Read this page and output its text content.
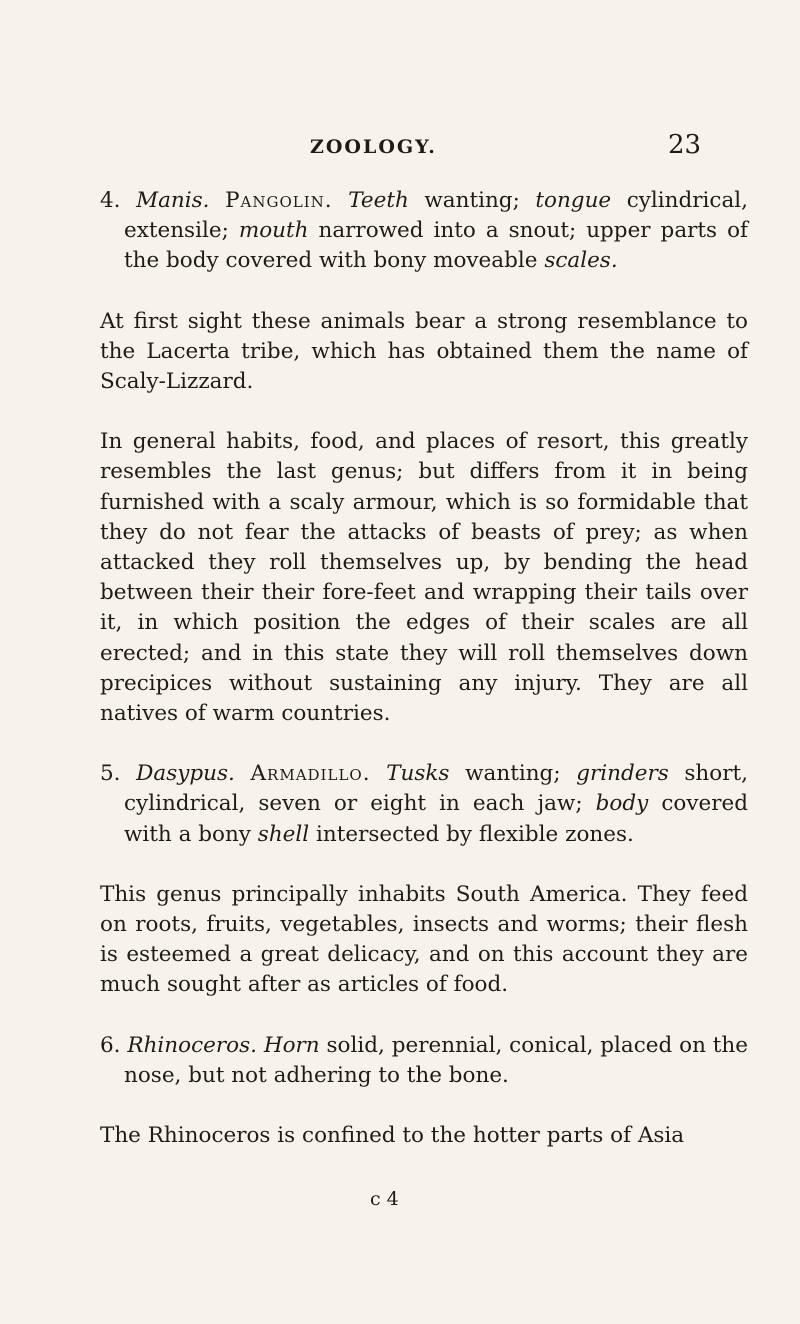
ZOOLOGY.	23

4. Manis. Pangolin. Teeth wanting; tongue cylindrical, extensile; mouth narrowed into a snout; upper parts of the body covered with bony moveable scales.

At first sight these animals bear a strong resemblance to the Lacerta tribe, which has obtained them the name of Scaly-Lizzard.

In general habits, food, and places of resort, this greatly resembles the last genus; but differs from it in being furnished with a scaly armour, which is so formidable that they do not fear the attacks of beasts of prey; as when attacked they roll themselves up, by bending the head between their their fore-feet and wrapping their tails over it, in which position the edges of their scales are all erected; and in this state they will roll themselves down precipices without sustaining any injury. They are all natives of warm countries.

5. Dasypus. Armadillo. Tusks wanting; grinders short, cylindrical, seven or eight in each jaw; body covered with a bony shell intersected by flexible zones.

This genus principally inhabits South America. They feed on roots, fruits, vegetables, insects and worms; their flesh is esteemed a great delicacy, and on this account they are much sought after as articles of food.

6. Rhinoceros. Horn solid, perennial, conical, placed on the nose, but not adhering to the bone.

The Rhinoceros is confined to the hotter parts of Asia

c 4
